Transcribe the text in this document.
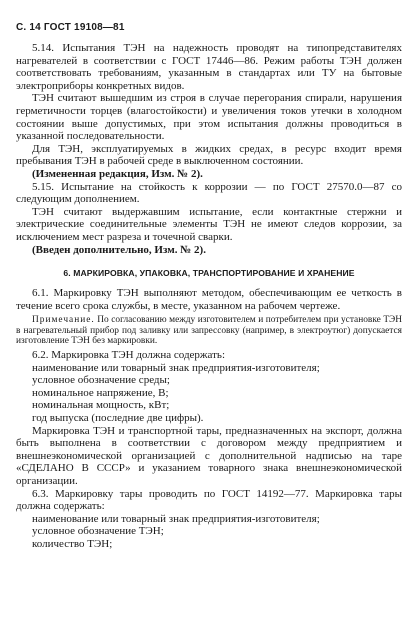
С. 14 ГОСТ 19108—81

5.14. Испытания ТЭН на надежность проводят на типопредставителях нагревателей в соответствии с ГОСТ 17446—86. Режим работы ТЭН должен соответствовать требованиям, указанным в стандартах или ТУ на бытовые электроприборы конкретных видов.

ТЭН считают вышедшим из строя в случае перегорания спирали, нарушения герметичности торцев (влагостойкости) и увеличения токов утечки в холодном состоянии выше допустимых, при этом испытания должны проводиться в указанной последовательности.

Для ТЭН, эксплуатируемых в жидких средах, в ресурс входит время пребывания ТЭН в рабочей среде в выключенном состоянии.

(Измененная редакция, Изм. № 2).

5.15. Испытание на стойкость к коррозии — по ГОСТ 27570.0—87 со следующим дополнением.

ТЭН считают выдержавшим испытание, если контактные стержни и электрические соединительные элементы ТЭН не имеют следов коррозии, за исключением мест разреза и точечной сварки.

(Введен дополнительно, Изм. № 2).

6. МАРКИРОВКА, УПАКОВКА, ТРАНСПОРТИРОВАНИЕ И ХРАНЕНИЕ

6.1. Маркировку ТЭН выполняют методом, обеспечивающим ее четкость в течение всего срока службы, в месте, указанном на рабочем чертеже.

Примечание. По согласованию между изготовителем и потребителем при установке ТЭН в нагревательный прибор под заливку или запрессовку (например, в электроутюг) допускается изготовление ТЭН без маркировки.

6.2. Маркировка ТЭН должна содержать:

наименование или товарный знак предприятия-изготовителя;

условное обозначение среды;

номинальное напряжение, В;

номинальная мощность, кВт;

год выпуска (последние две цифры).

Маркировка ТЭН и транспортной тары, предназначенных на экспорт, должна быть выполнена в соответствии с договором между предприятием и внешнеэкономической организацией с дополнительной надписью на таре «СДЕЛАНО В СССР» и указанием товарного знака внешнеэкономической организации.

6.3. Маркировку тары проводить по ГОСТ 14192—77. Маркировка тары должна содержать:

наименование или товарный знак предприятия-изготовителя;

условное обозначение ТЭН;

количество ТЭН;
